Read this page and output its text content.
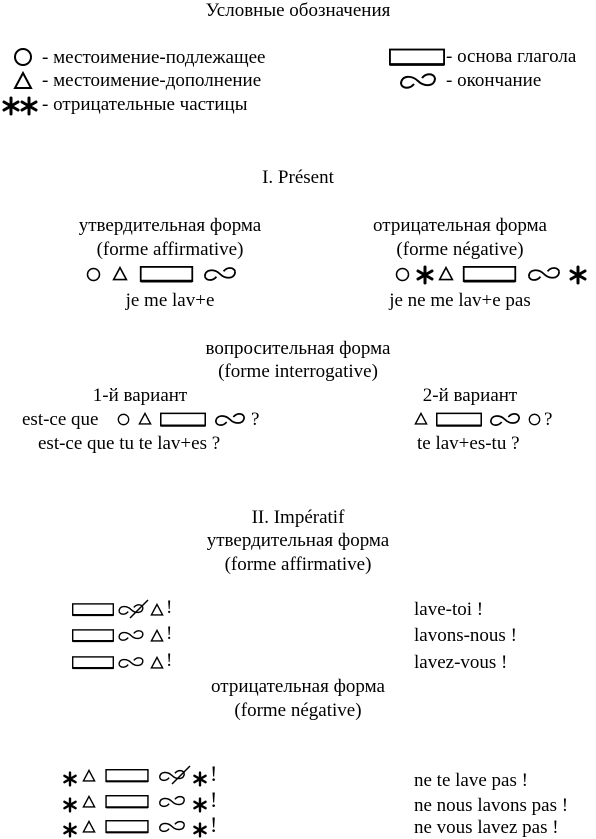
Условные обозначения
- местоимение-подлежащее
- местоимение-дополнение
- отрицательные частицы
- основа глагола
- окончание
I. Présent
утвердительная форма
(forme affirmative)
je me lav+e
отрицательная форма
(forme négative)
je ne me lav+e pas
вопросительная форма
(forme interrogative)
1-й вариант
est-ce que	?
est-ce que tu te lav+es ?
2-й вариант
?
te lav+es-tu ?
II. Impératif
утвердительная форма
(forme affirmative)
!	lave-toi !
!	lavons-nous !
!	lavez-vous !
отрицательная форма
(forme négative)
!	ne te lave pas !
!	ne nous lavons pas !
!	ne vous lavez pas !
